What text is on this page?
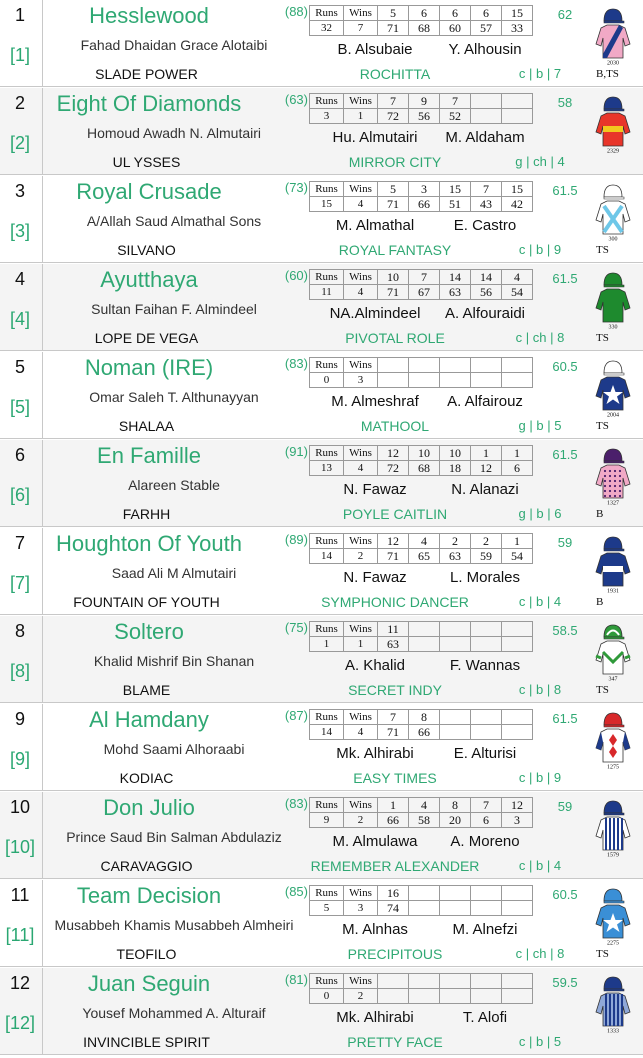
1
[1]
Hesslewood	(88)
Fahad Dhaidan Grace Alotaibi
Runs	Wins	5	6	6	6	15
32	7	71	68	60	57	33
62
B. Alsubaie	Y. Alhousin
SLADE POWER	ROCHITTA	c | b | 7
2030
B,TS
2
[2]
Eight Of Diamonds	(63)
Homoud Awadh N. Almutairi
Runs	Wins	7	9	7		
3	1	72	56	52		
58
Hu. Almutairi	M. Aldaham
UL YSSES	MIRROR CITY	g | ch | 4
2329
3
[3]
Royal Crusade	(73)
A/Allah Saud Almathal Sons
Runs	Wins	5	3	15	7	15
15	4	71	66	51	43	42
61.5
M. Almathal	E. Castro
SILVANO	ROYAL FANTASY	c | b | 9
300
TS
4
[4]
Ayutthaya	(60)
Sultan Faihan F. Almindeel
Runs	Wins	10	7	14	14	4
11	4	71	67	63	56	54
61.5
NA.Almindeel	A. Alfouraidi
LOPE DE VEGA	PIVOTAL ROLE	c | ch | 8
330
TS
5
[5]
Noman (IRE)	(83)
Omar Saleh T. Althunayyan
Runs	Wins					
0	3					
60.5
M. Almeshraf	A. Alfairouz
SHALAA	MATHOOL	g | b | 5
2004
TS
6
[6]
En Famille	(91)
Alareen Stable
Runs	Wins	12	10	10	1	1
13	4	72	68	18	12	6
61.5
N. Fawaz	N. Alanazi
FARHH	POYLE CAITLIN	g | b | 6
1327
B
7
[7]
Houghton Of Youth	(89)
Saad Ali M Almutairi
Runs	Wins	12	4	2	2	1
14	2	71	65	63	59	54
59
N. Fawaz	L. Morales
FOUNTAIN OF YOUTH	SYMPHONIC DANCER	c | b | 4
1931
B
8
[8]
Soltero	(75)
Khalid Mishrif Bin Shanan
Runs	Wins	11				
1	1	63				
58.5
A. Khalid	F. Wannas
BLAME	SECRET INDY	c | b | 8
347
TS
9
[9]
Al Hamdany	(87)
Mohd Saami Alhoraabi
Runs	Wins	7	8			
14	4	71	66			
61.5
Mk. Alhirabi	E. Alturisi
KODIAC	EASY TIMES	c | b | 9
1275
10
[10]
Don Julio	(83)
Prince Saud Bin Salman Abdulaziz
Runs	Wins	1	4	8	7	12
9	2	66	58	20	6	3
59
M. Almulawa	A. Moreno
CARAVAGGIO	REMEMBER ALEXANDER	c | b | 4
1579
11
[11]
Team Decision	(85)
Musabbeh Khamis Musabbeh Almheiri
Runs	Wins	16				
5	3	74				
60.5
M. Alnhas	M. Alnefzi
TEOFILO	PRECIPITOUS	c | ch | 8
2275
TS
12
[12]
Juan Seguin	(81)
Yousef Mohammed A. Alturaif
Runs	Wins					
0	2					
59.5
Mk. Alhirabi	T. Alofi
INVINCIBLE SPIRIT	PRETTY FACE	c | b | 5
1333
